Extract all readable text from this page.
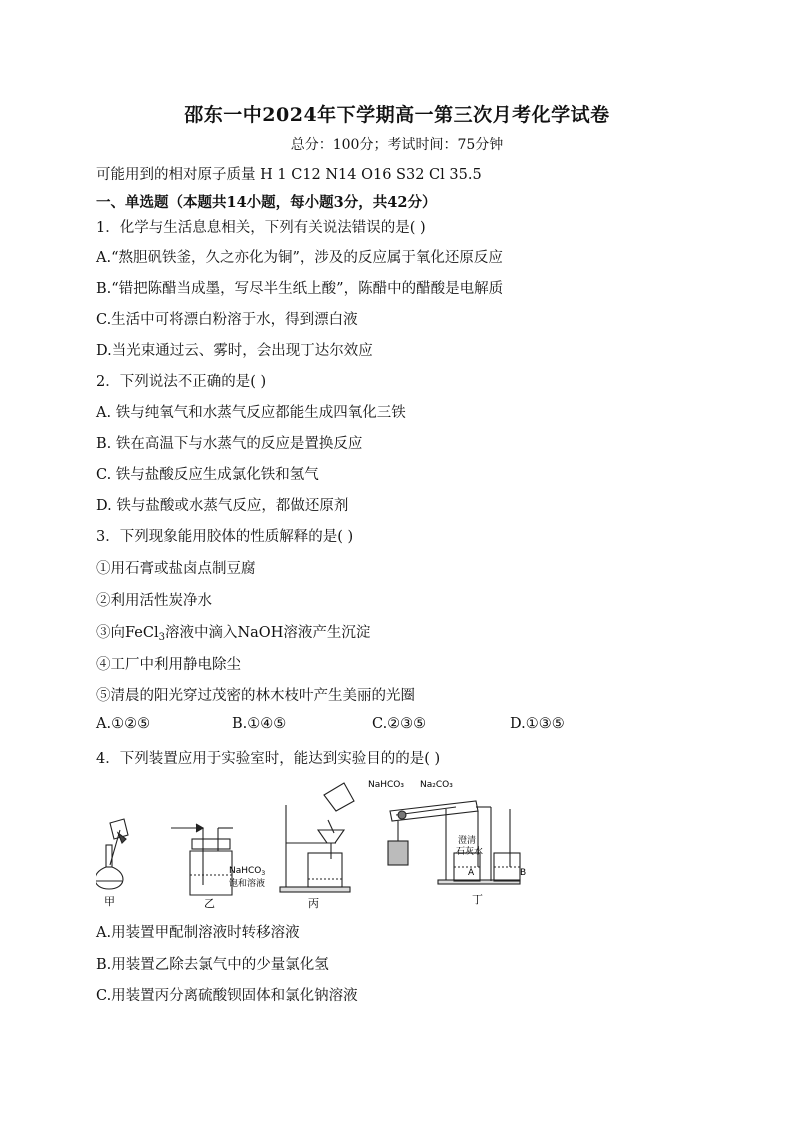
邵东一中2024年下学期高一第三次月考化学试卷
总分：100分；考试时间：75分钟
可能用到的相对原子质量 H 1 C12 N14 O16 S32 Cl 35.5
一、单选题（本题共14小题，每小题3分，共42分）
1．化学与生活息息相关，下列有关说法错误的是( )
A.“熬胆矾铁釜，久之亦化为铜”，涉及的反应属于氧化还原反应
B.“错把陈醋当成墨，写尽半生纸上酸”，陈醋中的醋酸是电解质
C.生活中可将漂白粉溶于水，得到漂白液
D.当光束通过云、雾时，会出现丁达尔效应
2．下列说法不正确的是( )
A. 铁与纯氧气和水蒸气反应都能生成四氧化三铁
B. 铁在高温下与水蒸气的反应是置换反应
C. 铁与盐酸反应生成氯化铁和氢气
D. 铁与盐酸或水蒸气反应，都做还原剂
3．下列现象能用胶体的性质解释的是( )
①用石膏或盐卤点制豆腐
②利用活性炭净水
③向FeCl$_3$溶液中滴入NaOH溶液产生沉淀
④工厂中利用静电除尘
⑤清晨的阳光穿过茂密的林木枝叶产生美丽的光圈
A.①②⑤	B.①④⑤	C.②③⑤	D.①③⑤
4．下列装置应用于实验室时，能达到实验目的的是( )
甲
NaHCO$_3$
饱和溶液
乙	丙
NaHCO₃ Na₂CO₃
澄清
石灰水
A	B
丁
A.用装置甲配制溶液时转移溶液
B.用装置乙除去氯气中的少量氯化氢
C.用装置丙分离硫酸钡固体和氯化钠溶液
